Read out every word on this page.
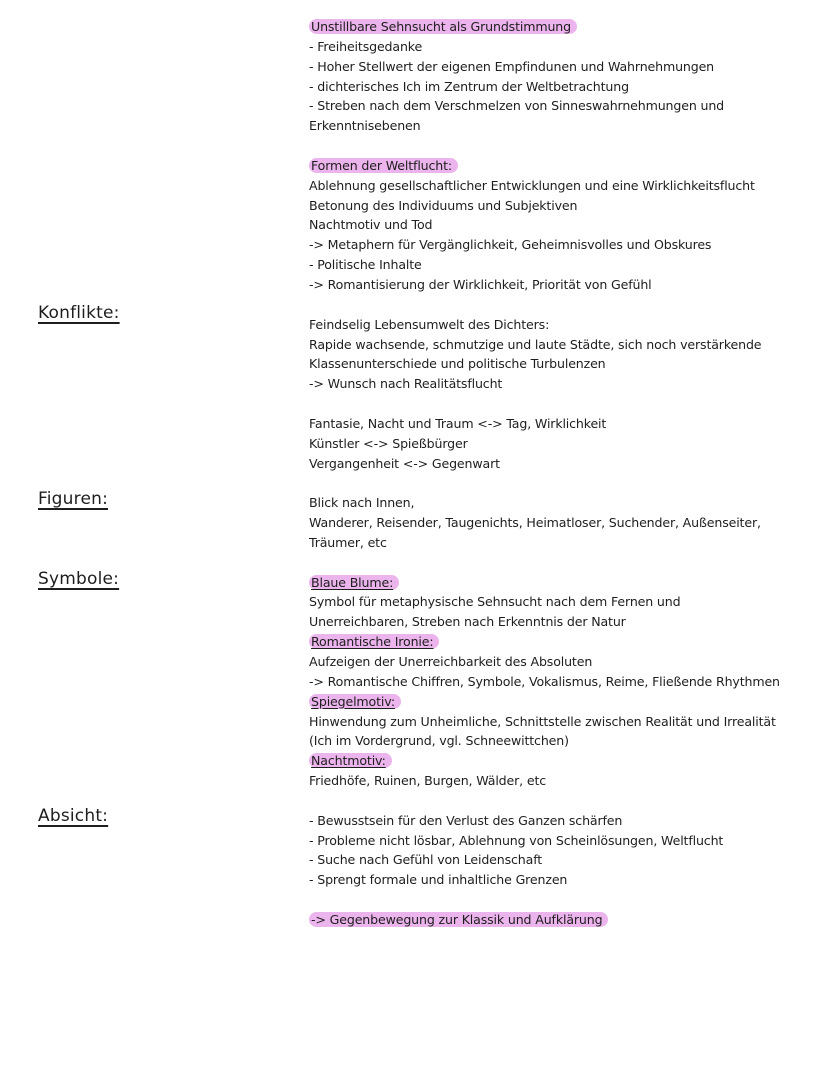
Konflikte:
Figuren:
Symbole:
Absicht:
Unstillbare Sehnsucht als Grundstimmung
- Freiheitsgedanke
- Hoher Stellwert der eigenen Empfindunen und Wahrnehmungen
- dichterisches Ich im Zentrum der Weltbetrachtung
- Streben nach dem Verschmelzen von Sinneswahrnehmungen und
Erkenntnisebenen
Formen der Weltflucht:
Ablehnung gesellschaftlicher Entwicklungen und eine Wirklichkeitsflucht
Betonung des Individuums und Subjektiven
Nachtmotiv und Tod
-> Metaphern für Vergänglichkeit, Geheimnisvolles und Obskures
- Politische Inhalte
-> Romantisierung der Wirklichkeit, Priorität von Gefühl
Feindselig Lebensumwelt des Dichters:
Rapide wachsende, schmutzige und laute Städte, sich noch verstärkende
Klassenunterschiede und politische Turbulenzen
-> Wunsch nach Realitätsflucht
Fantasie, Nacht und Traum <-> Tag, Wirklichkeit
Künstler <-> Spießbürger
Vergangenheit <-> Gegenwart
Blick nach Innen,
Wanderer, Reisender, Taugenichts, Heimatloser, Suchender, Außenseiter,
Träumer, etc
Blaue Blume:
Symbol für metaphysische Sehnsucht nach dem Fernen und
Unerreichbaren, Streben nach Erkenntnis der Natur
Romantische Ironie:
Aufzeigen der Unerreichbarkeit des Absoluten
-> Romantische Chiffren, Symbole, Vokalismus, Reime, Fließende Rhythmen
Spiegelmotiv:
Hinwendung zum Unheimliche, Schnittstelle zwischen Realität und Irrealität
(Ich im Vordergrund, vgl. Schneewittchen)
Nachtmotiv:
Friedhöfe, Ruinen, Burgen, Wälder, etc
- Bewusstsein für den Verlust des Ganzen schärfen
- Probleme nicht lösbar, Ablehnung von Scheinlösungen, Weltflucht
- Suche nach Gefühl von Leidenschaft
- Sprengt formale und inhaltliche Grenzen
-> Gegenbewegung zur Klassik und Aufklärung
